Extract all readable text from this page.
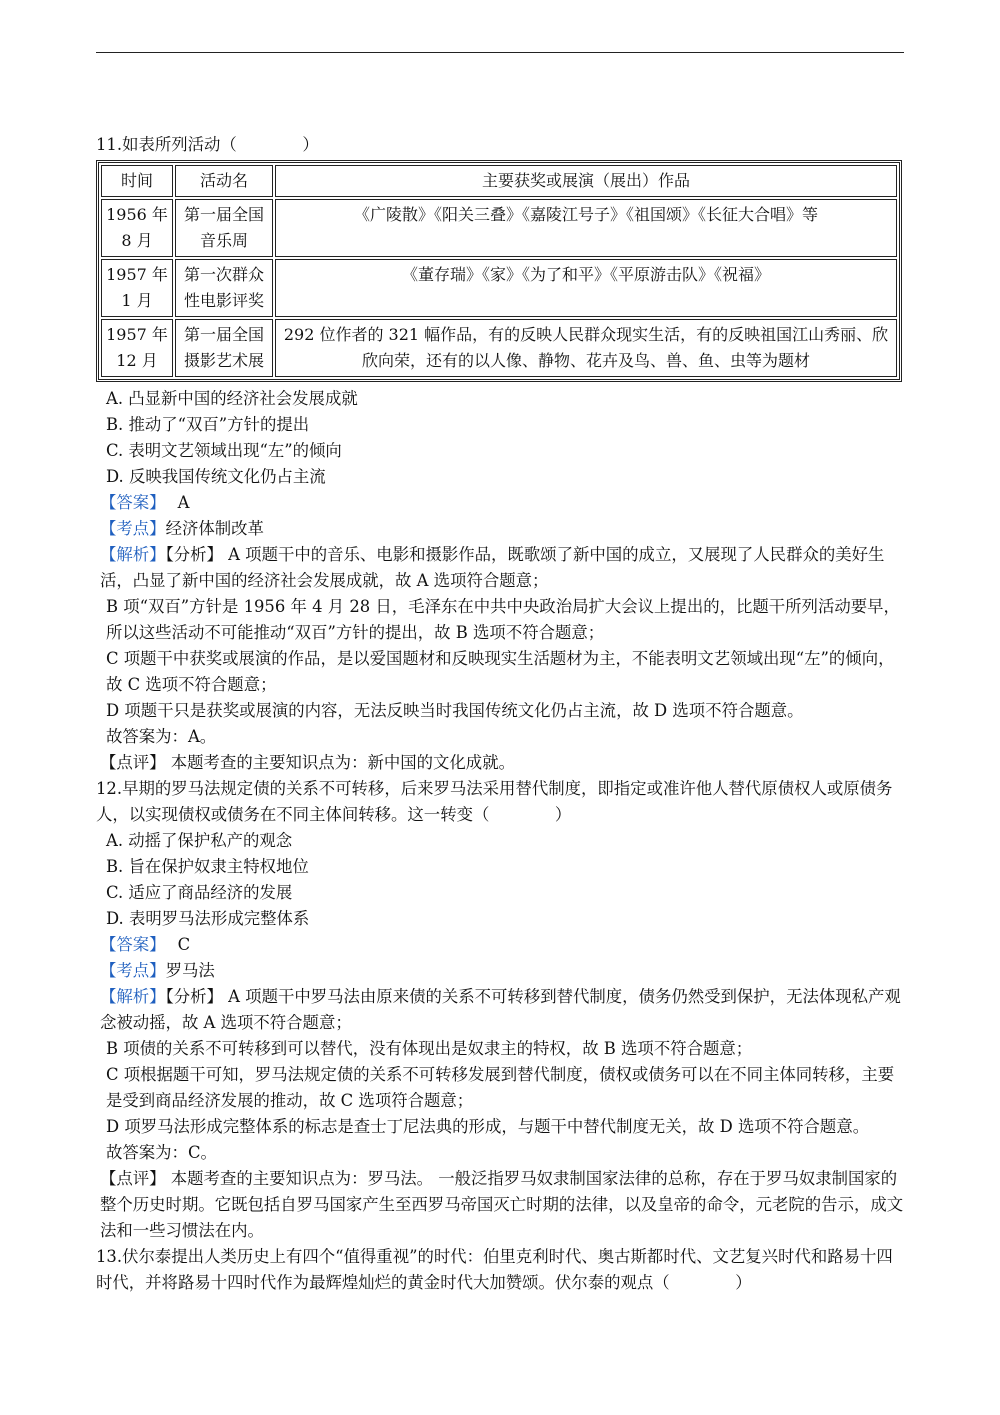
11.如表所列活动（　　　　）
时间	活动名	主要获奖或展演（展出）作品
1956 年 8 月	第一届全国音乐周	《广陵散》《阳关三叠》《嘉陵江号子》《祖国颂》《长征大合唱》等
1957 年 1 月	第一次群众性电影评奖	《董存瑞》《家》《为了和平》《平原游击队》《祝福》
1957 年 12 月	第一届全国摄影艺术展	292 位作者的 321 幅作品，有的反映人民群众现实生活，有的反映祖国江山秀丽、欣欣向荣，还有的以人像、静物、花卉及鸟、兽、鱼、虫等为题材
A. 凸显新中国的经济社会发展成就
B. 推动了“双百”方针的提出
C. 表明文艺领域出现“左”的倾向
D. 反映我国传统文化仍占主流
【答案】 A
【考点】经济体制改革
【解析】【分析】 A 项题干中的音乐、电影和摄影作品，既歌颂了新中国的成立，又展现了人民群众的美好生活，凸显了新中国的经济社会发展成就，故 A 选项符合题意；
B 项“双百”方针是 1956 年 4 月 28 日，毛泽东在中共中央政治局扩大会议上提出的，比题干所列活动要早，所以这些活动不可能推动“双百”方针的提出，故 B 选项不符合题意；
C 项题干中获奖或展演的作品，是以爱国题材和反映现实生活题材为主，不能表明文艺领域出现“左”的倾向，故 C 选项不符合题意；
D 项题干只是获奖或展演的内容，无法反映当时我国传统文化仍占主流，故 D 选项不符合题意。
故答案为：A。
【点评】 本题考查的主要知识点为：新中国的文化成就。
12.早期的罗马法规定债的关系不可转移，后来罗马法采用替代制度，即指定或准许他人替代原债权人或原债务人，以实现债权或债务在不同主体间转移。这一转变（　　　　）
A. 动摇了保护私产的观念
B. 旨在保护奴隶主特权地位
C. 适应了商品经济的发展
D. 表明罗马法形成完整体系
【答案】 C
【考点】罗马法
【解析】【分析】 A 项题干中罗马法由原来债的关系不可转移到替代制度，债务仍然受到保护，无法体现私产观念被动摇，故 A 选项不符合题意；
B 项债的关系不可转移到可以替代，没有体现出是奴隶主的特权，故 B 选项不符合题意；
C 项根据题干可知，罗马法规定债的关系不可转移发展到替代制度，债权或债务可以在不同主体同转移，主要是受到商品经济发展的推动，故 C 选项符合题意；
D 项罗马法形成完整体系的标志是查士丁尼法典的形成，与题干中替代制度无关，故 D 选项不符合题意。
故答案为：C。
【点评】 本题考查的主要知识点为：罗马法。 一般泛指罗马奴隶制国家法律的总称，存在于罗马奴隶制国家的整个历史时期。它既包括自罗马国家产生至西罗马帝国灭亡时期的法律，以及皇帝的命令，元老院的告示，成文法和一些习惯法在内。
13.伏尔泰提出人类历史上有四个“值得重视”的时代：伯里克利时代、奥古斯都时代、文艺复兴时代和路易十四时代，并将路易十四时代作为最辉煌灿烂的黄金时代大加赞颂。伏尔泰的观点（　　　　）
